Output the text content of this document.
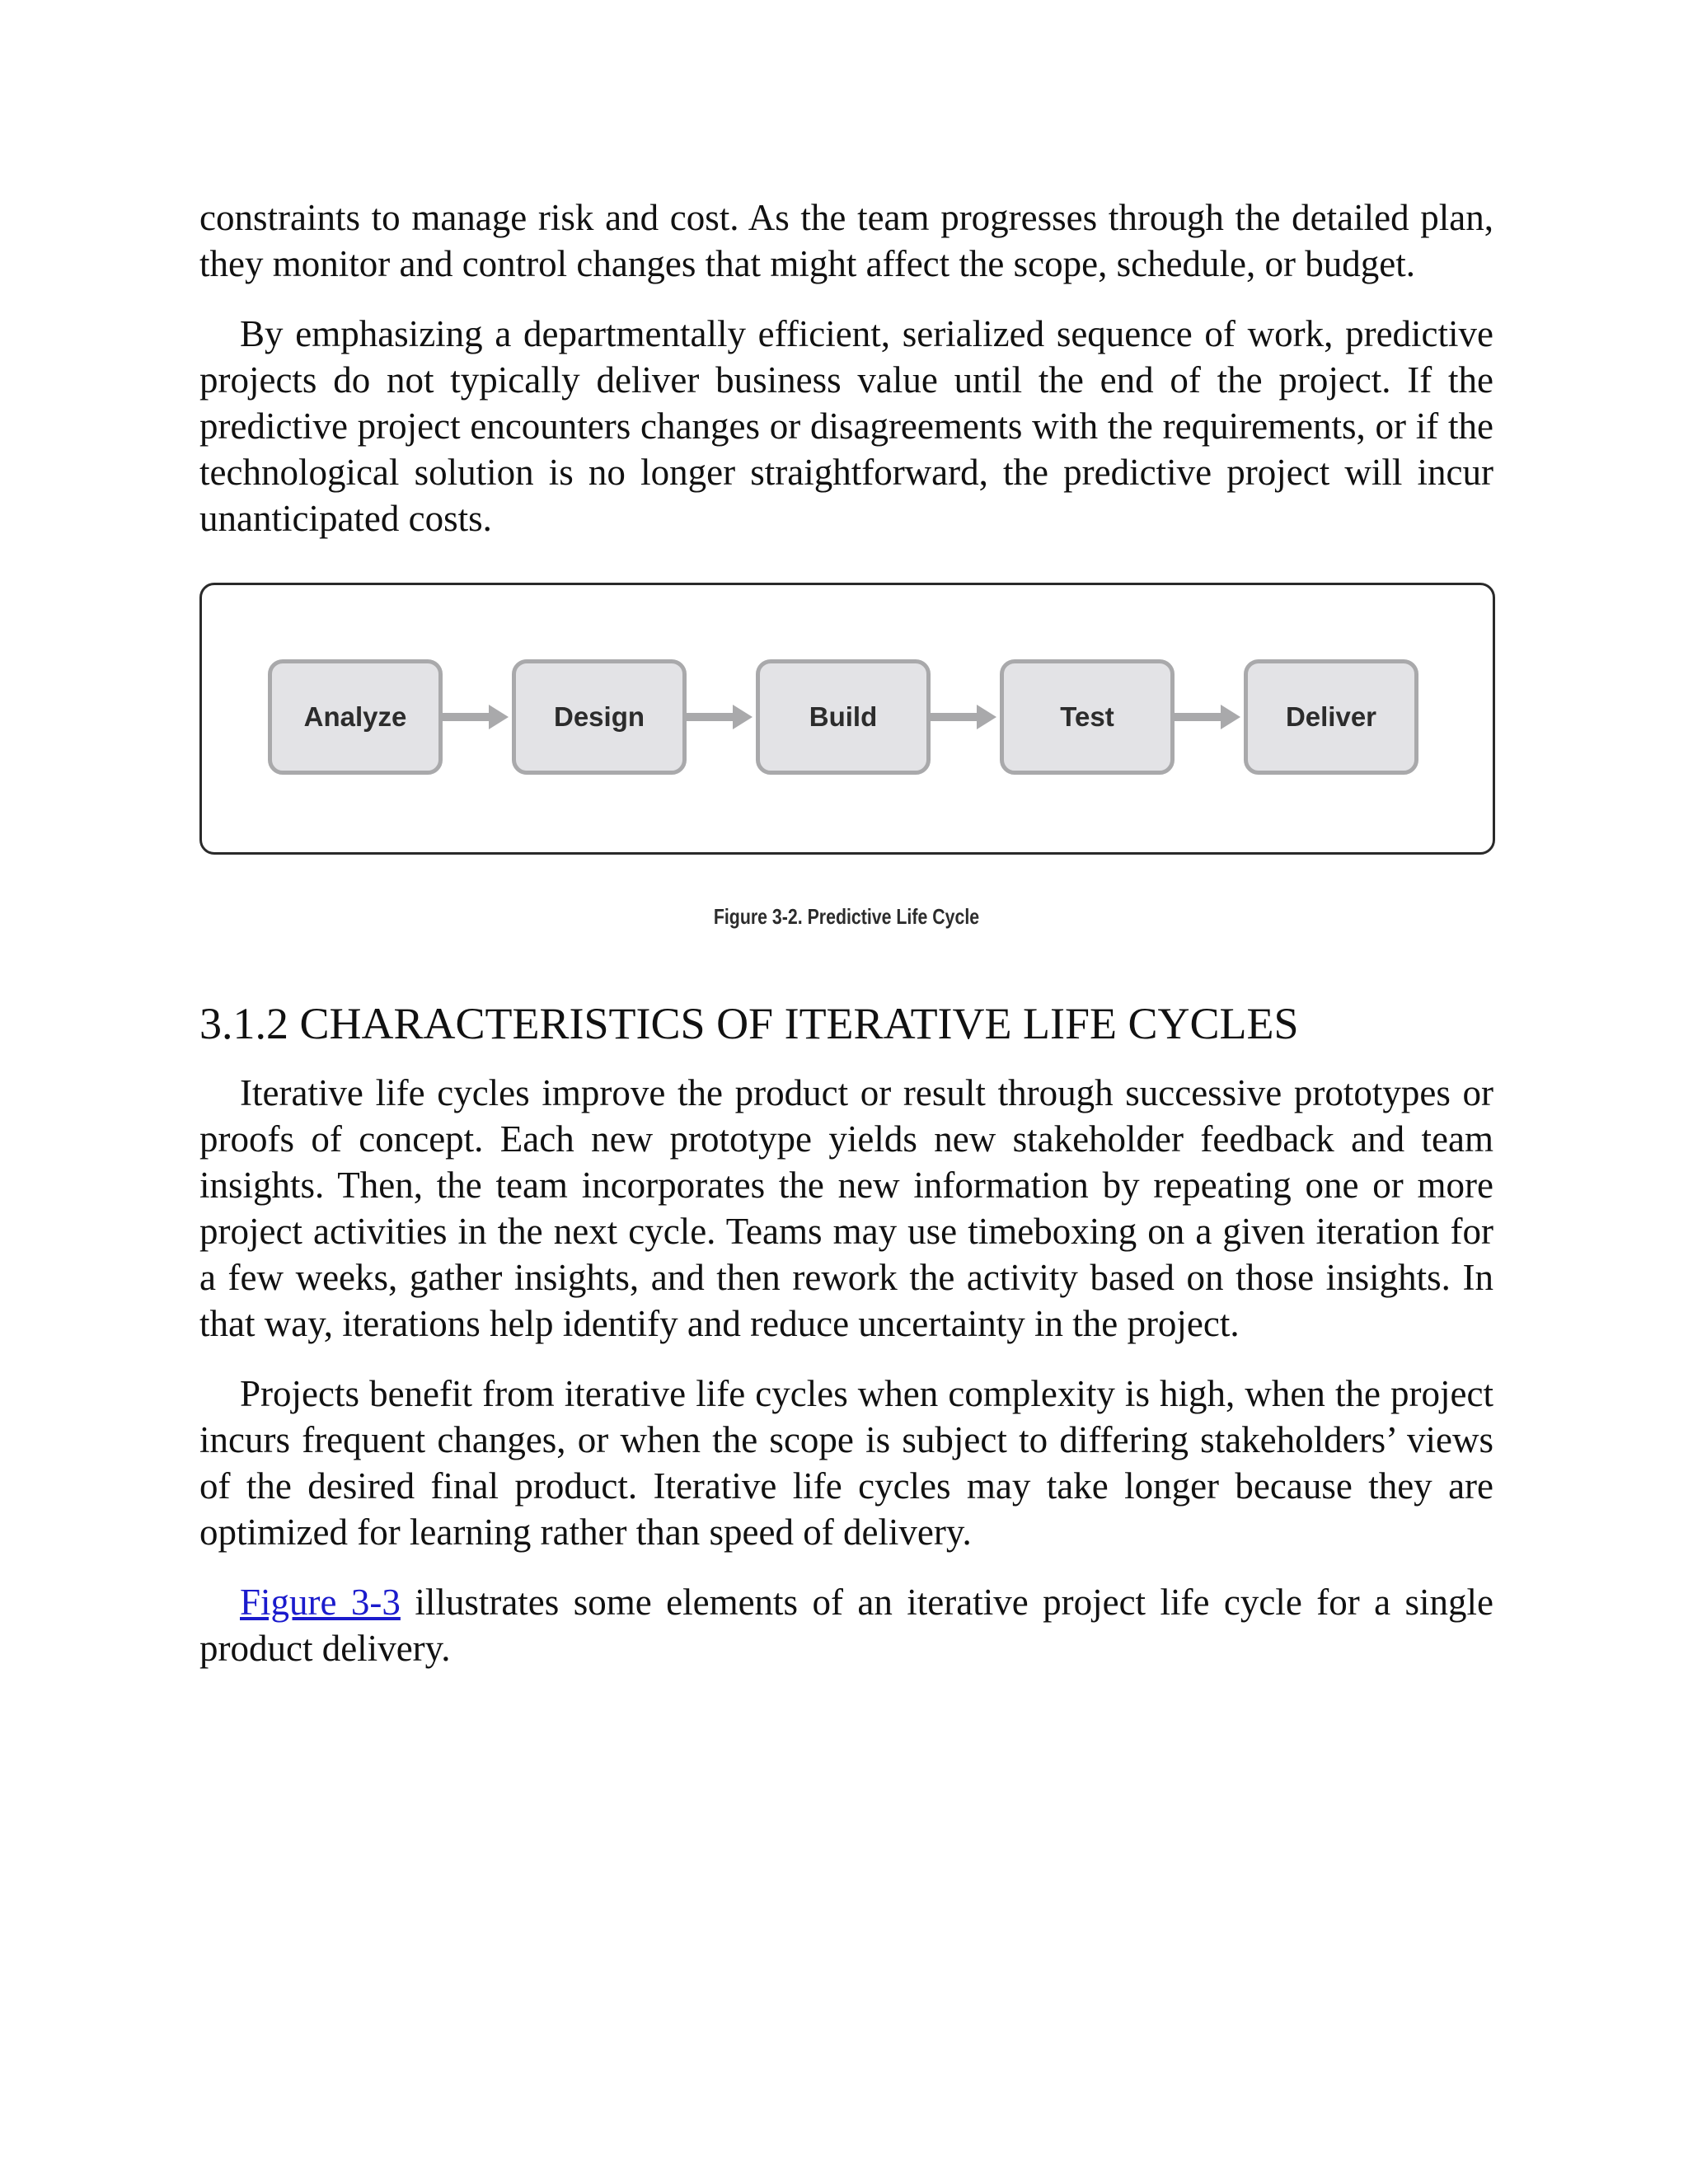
constraints to manage risk and cost. As the team progresses through the detailed plan, they monitor and control changes that might affect the scope, schedule, or budget.

By emphasizing a departmentally efficient, serialized sequence of work, predictive projects do not typically deliver business value until the end of the project. If the predictive project encounters changes or disagreements with the requirements, or if the technological solution is no longer straightforward, the predictive project will incur unanticipated costs.

Analyze	Design	Build	Test	Deliver

Figure 3-2. Predictive Life Cycle

3.1.2 CHARACTERISTICS OF ITERATIVE LIFE CYCLES

Iterative life cycles improve the product or result through successive prototypes or proofs of concept. Each new prototype yields new stakeholder feedback and team insights. Then, the team incorporates the new information by repeating one or more project activities in the next cycle. Teams may use timeboxing on a given iteration for a few weeks, gather insights, and then rework the activity based on those insights. In that way, iterations help identify and reduce uncertainty in the project.

Projects benefit from iterative life cycles when complexity is high, when the project incurs frequent changes, or when the scope is subject to differing stakeholders’ views of the desired final product. Iterative life cycles may take longer because they are optimized for learning rather than speed of delivery.

Figure 3-3 illustrates some elements of an iterative project life cycle for a single product delivery.
